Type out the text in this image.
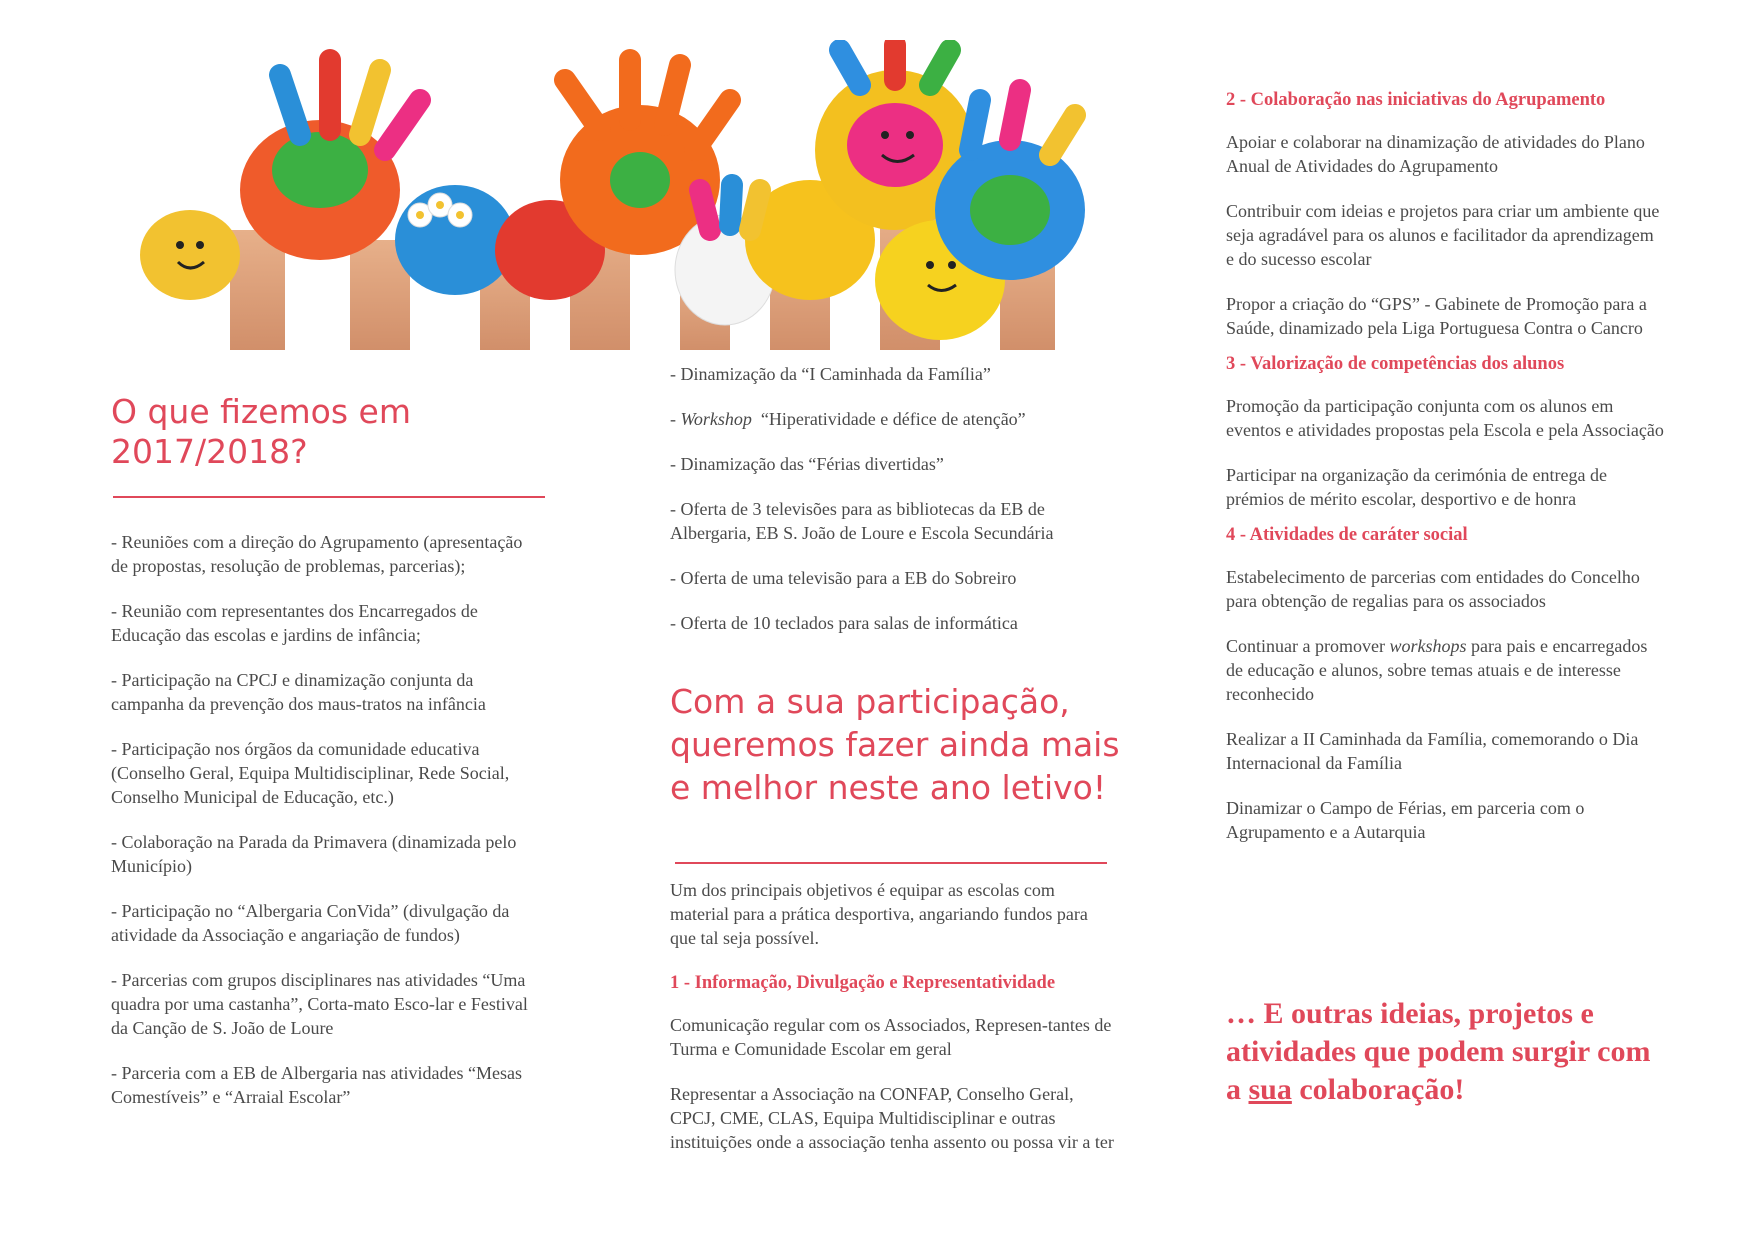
O que fizemos em 2017/2018?

- Reuniões com a direção do Agrupamento (apresentação de propostas, resolução de problemas, parcerias);

- Reunião com representantes dos Encarregados de Educação das escolas e jardins de infância;

- Participação na CPCJ e dinamização conjunta da campanha da prevenção dos maus-tratos na infância

- Participação nos órgãos da comunidade educativa (Conselho Geral, Equipa Multidisciplinar, Rede Social, Conselho Municipal de Educação, etc.)

- Colaboração na Parada da Primavera (dinamizada pelo Município)

- Participação no “Albergaria ConVida” (divulgação da atividade da Associação e angariação de fundos)

- Parcerias com grupos disciplinares nas atividades “Uma quadra por uma castanha”, Corta-mato Esco-lar e Festival da Canção de S. João de Loure

- Parceria com a EB de Albergaria nas atividades “Mesas Comestíveis” e “Arraial Escolar”

- Dinamização da “I Caminhada da Família”

- Workshop “Hiperatividade e défice de atenção”

- Dinamização das “Férias divertidas”

- Oferta de 3 televisões para as bibliotecas da EB de Albergaria, EB S. João de Loure e Escola Secundária

- Oferta de uma televisão para a EB do Sobreiro

- Oferta de 10 teclados para salas de informática

Com a sua participação, queremos fazer ainda mais e melhor neste ano letivo!

Um dos principais objetivos é equipar as escolas com material para a prática desportiva, angariando fundos para que tal seja possível.

1 - Informação, Divulgação e Representatividade

Comunicação regular com os Associados, Represen-tantes de Turma e Comunidade Escolar em geral

Representar a Associação na CONFAP, Conselho Geral, CPCJ, CME, CLAS, Equipa Multidisciplinar e outras instituições onde a associação tenha assento ou possa vir a ter

2 - Colaboração nas iniciativas do Agrupamento

Apoiar e colaborar na dinamização de atividades do Plano Anual de Atividades do Agrupamento

Contribuir com ideias e projetos para criar um ambiente que seja agradável para os alunos e facilitador da aprendizagem e do sucesso escolar

Propor a criação do “GPS” - Gabinete de Promoção para a Saúde, dinamizado pela Liga Portuguesa Contra o Cancro

3 - Valorização de competências dos alunos

Promoção da participação conjunta com os alunos em eventos e atividades propostas pela Escola e pela Associação

Participar na organização da cerimónia de entrega de prémios de mérito escolar, desportivo e de honra

4 - Atividades de caráter social

Estabelecimento de parcerias com entidades do Concelho para obtenção de regalias para os associados

Continuar a promover workshops para pais e encarregados de educação e alunos, sobre temas atuais e de interesse reconhecido

Realizar a II Caminhada da Família, comemorando o Dia Internacional da Família

Dinamizar o Campo de Férias, em parceria com o Agrupamento e a Autarquia

… E outras ideias, projetos e atividades que podem surgir com a sua colaboração!
